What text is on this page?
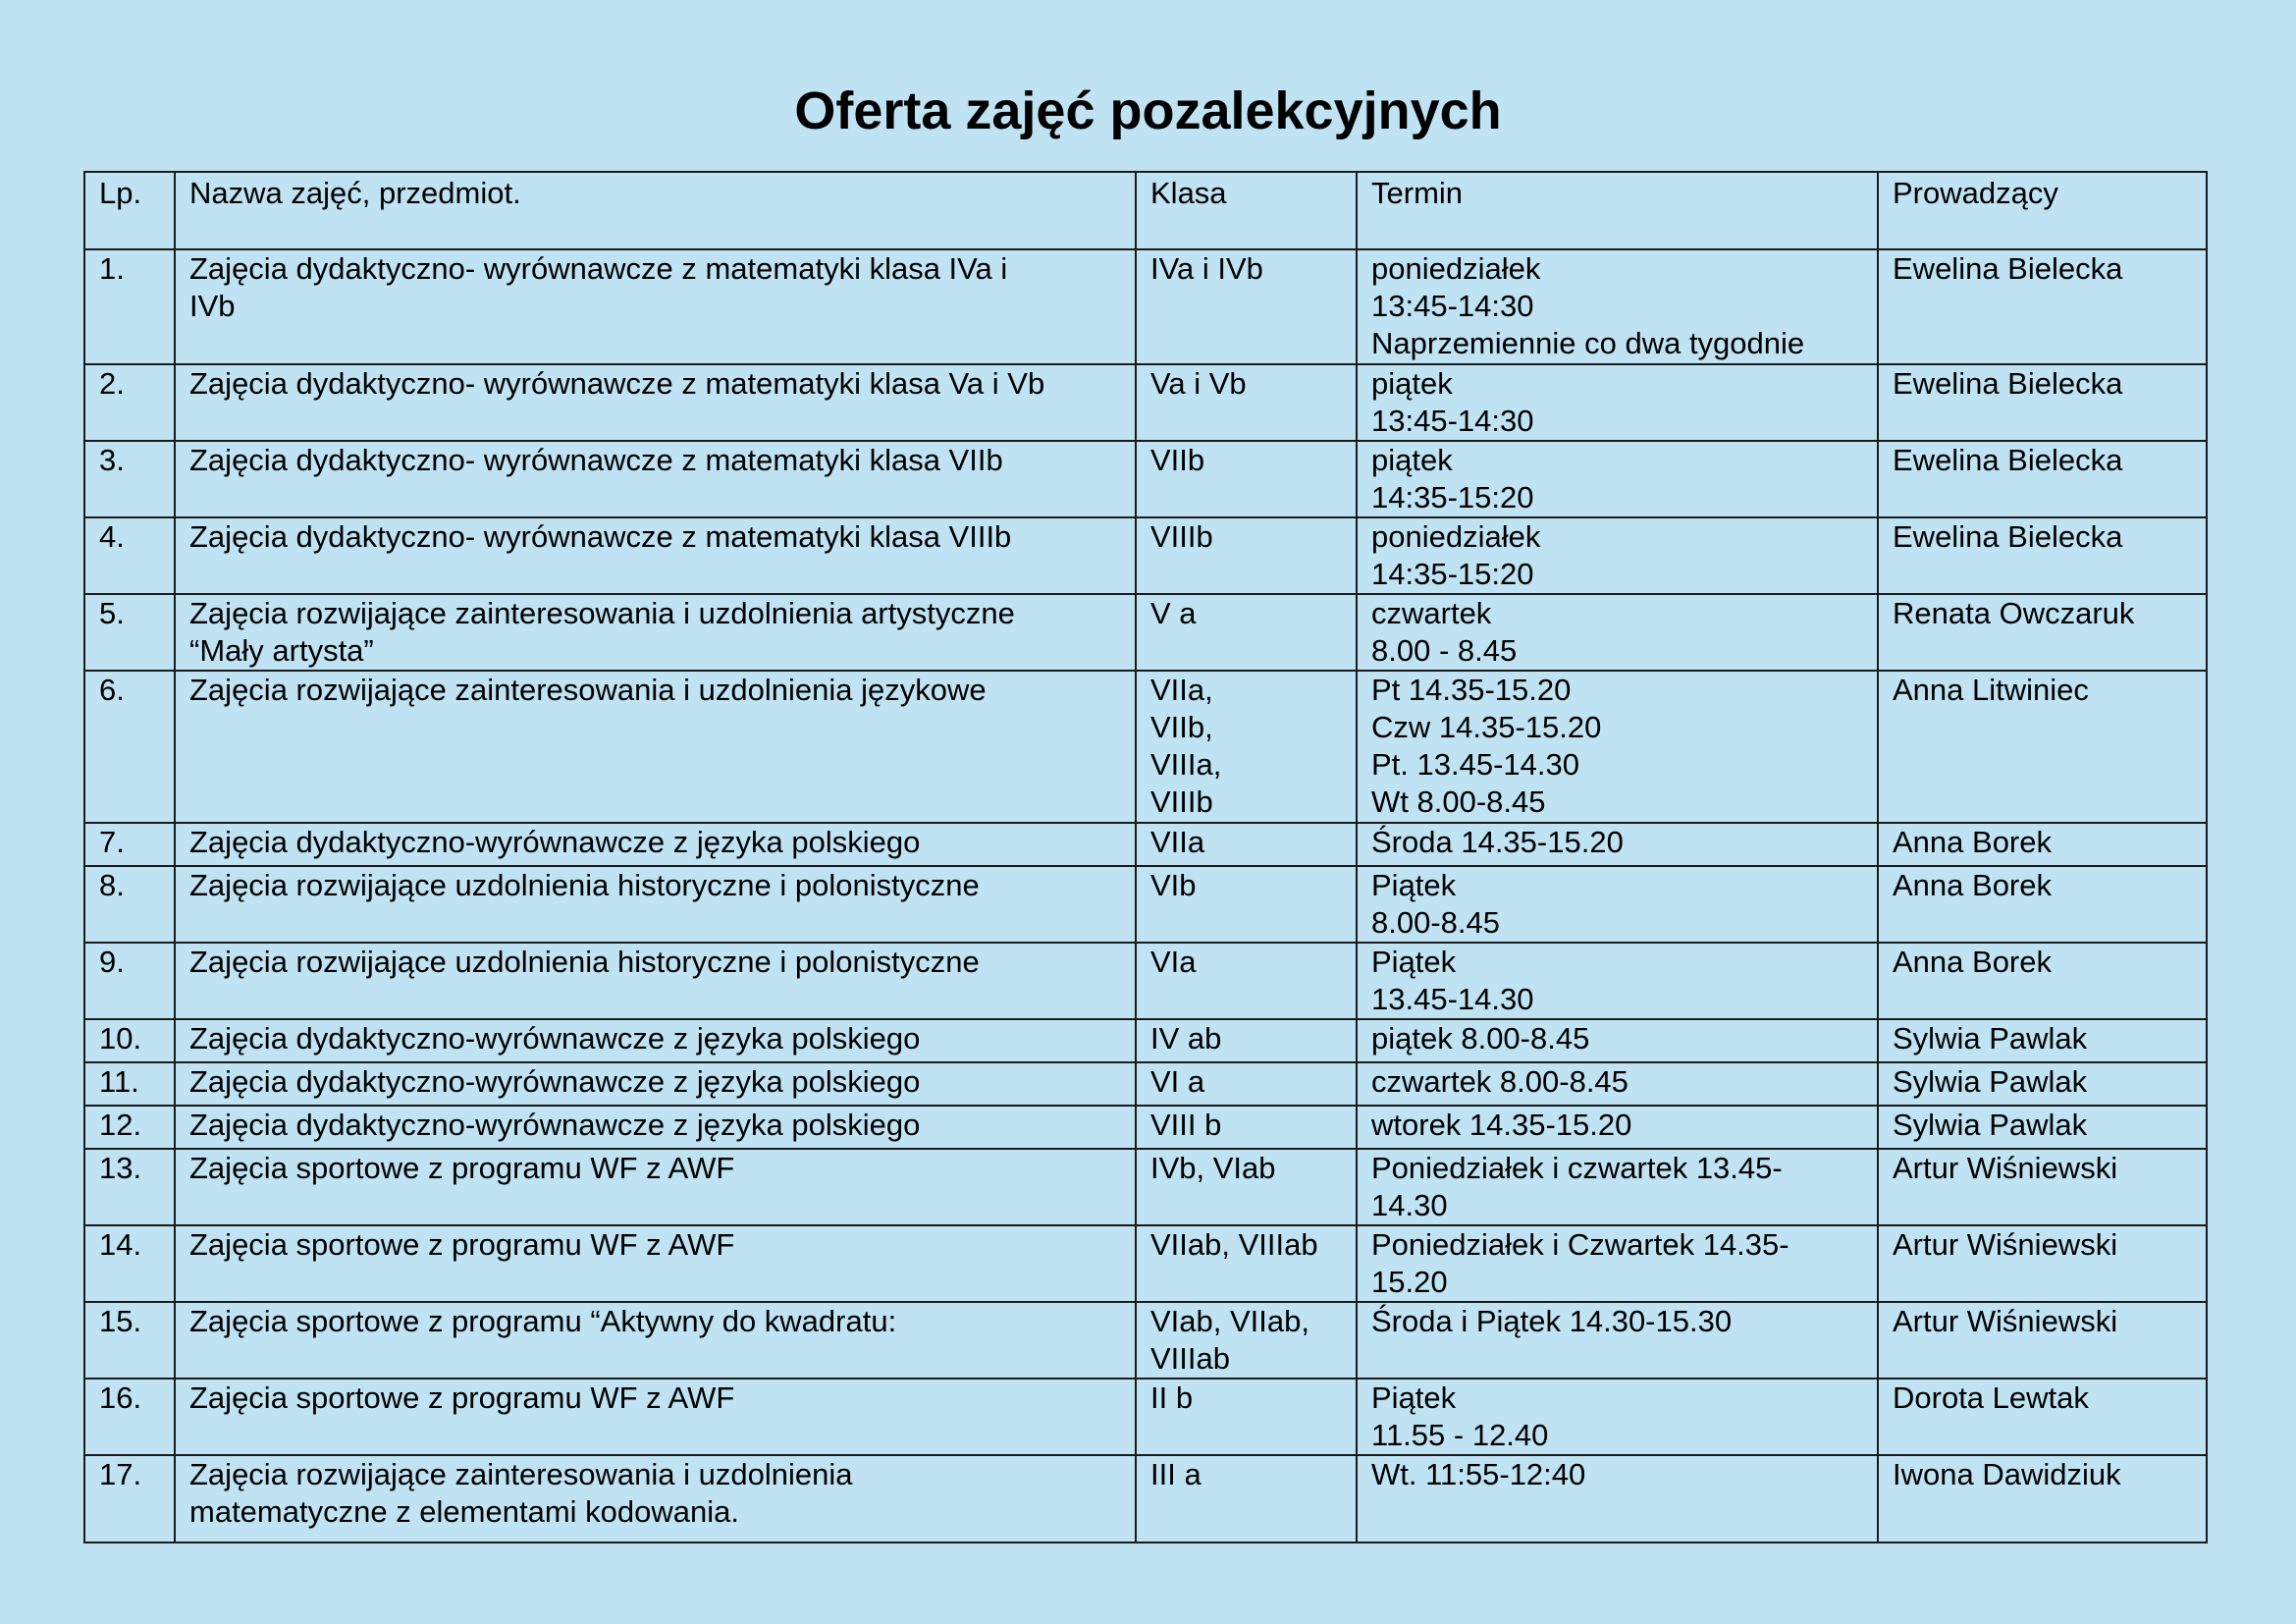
Oferta zajęć pozalekcyjnych
Lp.	Nazwa zajęć, przedmiot.	Klasa	Termin	Prowadzący
1.	Zajęcia dydaktyczno- wyrównawcze z matematyki klasa IVa i
IVb	IVa i IVb	poniedziałek
13:45-14:30
Naprzemiennie co dwa tygodnie	Ewelina Bielecka
2.	Zajęcia dydaktyczno- wyrównawcze z matematyki klasa Va i Vb	Va i Vb	piątek
13:45-14:30	Ewelina Bielecka
3.	Zajęcia dydaktyczno- wyrównawcze z matematyki klasa VIIb	VIIb	piątek
14:35-15:20	Ewelina Bielecka
4.	Zajęcia dydaktyczno- wyrównawcze z matematyki klasa VIIIb	VIIIb	poniedziałek
14:35-15:20	Ewelina Bielecka
5.	Zajęcia rozwijające zainteresowania i uzdolnienia artystyczne
“Mały artysta”	V a	czwartek
8.00 - 8.45	Renata Owczaruk
6.	Zajęcia rozwijające zainteresowania i uzdolnienia językowe	VIIa,
VIIb,
VIIIa,
VIIIb	Pt 14.35-15.20
Czw 14.35-15.20
Pt. 13.45-14.30
Wt 8.00-8.45	Anna Litwiniec
7.	Zajęcia dydaktyczno-wyrównawcze z języka polskiego	VIIa	Środa 14.35-15.20	Anna Borek
8.	Zajęcia rozwijające uzdolnienia historyczne i polonistyczne	VIb	Piątek
8.00-8.45	Anna Borek
9.	Zajęcia rozwijające uzdolnienia historyczne i polonistyczne	VIa	Piątek
13.45-14.30	Anna Borek
10.	Zajęcia dydaktyczno-wyrównawcze z języka polskiego	IV ab	piątek 8.00-8.45	Sylwia Pawlak
11.	Zajęcia dydaktyczno-wyrównawcze z języka polskiego	VI a	czwartek 8.00-8.45	Sylwia Pawlak
12.	Zajęcia dydaktyczno-wyrównawcze z języka polskiego	VIII b	wtorek 14.35-15.20	Sylwia Pawlak
13.	Zajęcia sportowe z programu WF z AWF	IVb, VIab	Poniedziałek i czwartek 13.45-
14.30	Artur Wiśniewski
14.	Zajęcia sportowe z programu WF z AWF	VIIab, VIIIab	Poniedziałek i Czwartek 14.35-
15.20	Artur Wiśniewski
15.	Zajęcia sportowe z programu “Aktywny do kwadratu:	VIab, VIIab,
VIIIab	Środa i Piątek 14.30-15.30	Artur Wiśniewski
16.	Zajęcia sportowe z programu WF z AWF	II b	Piątek
11.55 - 12.40	Dorota Lewtak
17.	Zajęcia rozwijające zainteresowania i uzdolnienia
matematyczne z elementami kodowania.	III a	Wt. 11:55-12:40	Iwona Dawidziuk
